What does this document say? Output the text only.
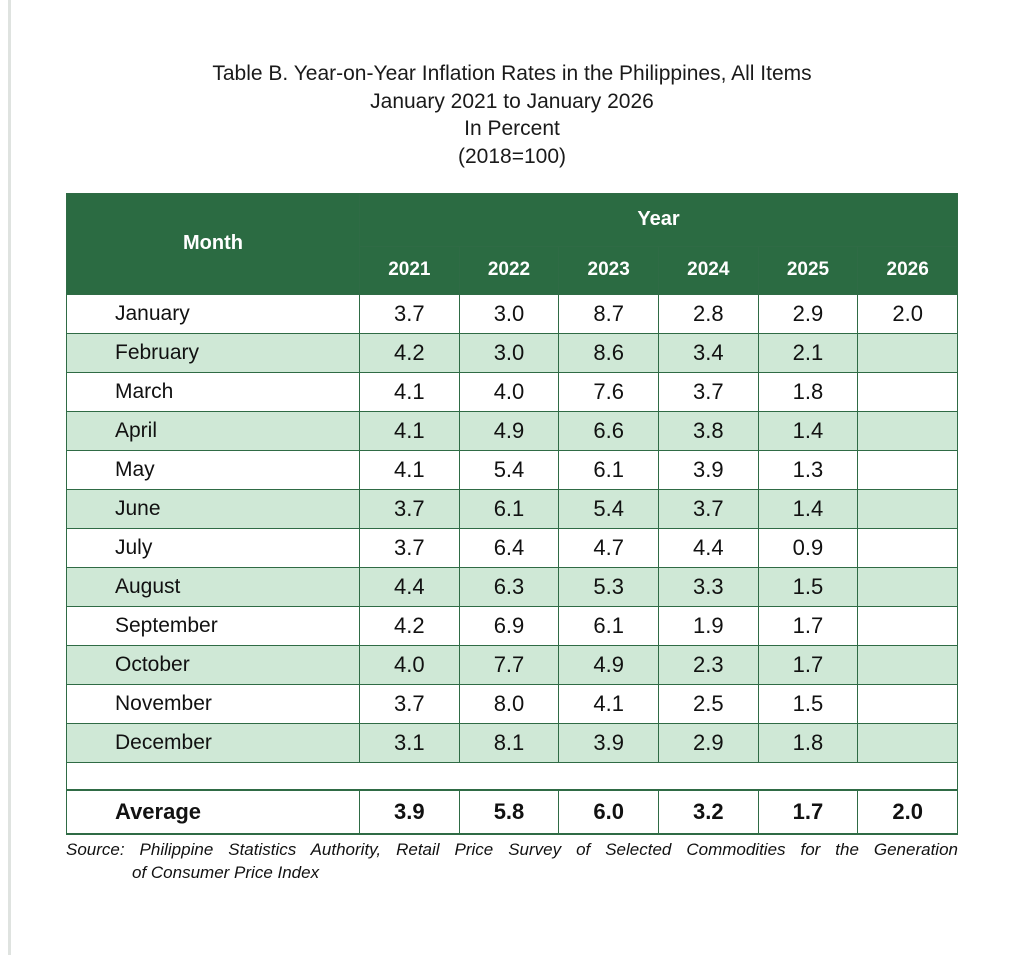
Table B. Year-on-Year Inflation Rates in the Philippines, All Items
January 2021 to January 2026
In Percent
(2018=100)
Month	Year					
	2021	2022	2023	2024	2025	2026
January	3.7	3.0	8.7	2.8	2.9	2.0
February	4.2	3.0	8.6	3.4	2.1	
March	4.1	4.0	7.6	3.7	1.8	
April	4.1	4.9	6.6	3.8	1.4	
May	4.1	5.4	6.1	3.9	1.3	
June	3.7	6.1	5.4	3.7	1.4	
July	3.7	6.4	4.7	4.4	0.9	
August	4.4	6.3	5.3	3.3	1.5	
September	4.2	6.9	6.1	1.9	1.7	
October	4.0	7.7	4.9	2.3	1.7	
November	3.7	8.0	4.1	2.5	1.5	
December	3.1	8.1	3.9	2.9	1.8	

Average	3.9	5.8	6.0	3.2	1.7	2.0
Source: Philippine Statistics Authority, Retail Price Survey of Selected Commodities for the Generation
of Consumer Price Index
